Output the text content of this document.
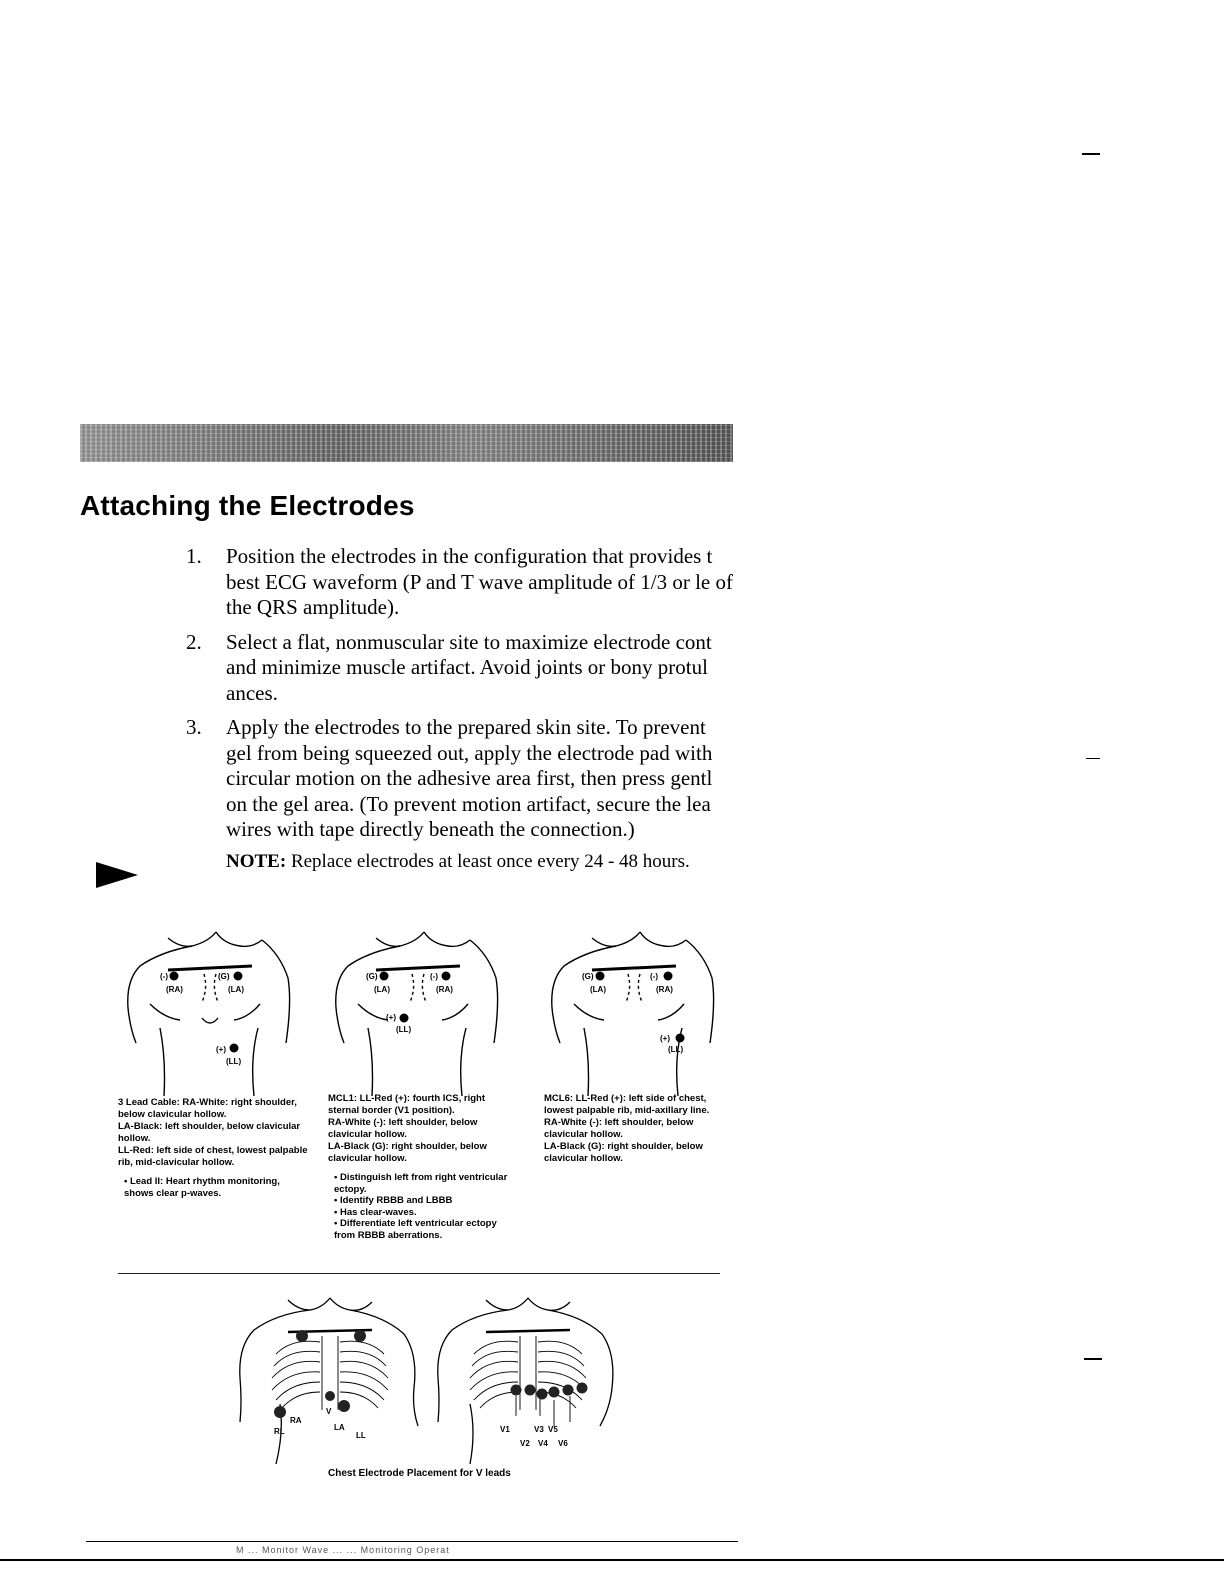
Attaching the Electrodes
1. Position the electrodes in the configuration that provides t best ECG waveform (P and T wave amplitude of 1/3 or le of the QRS amplitude).
2. Select a flat, nonmuscular site to maximize electrode cont and minimize muscle artifact. Avoid joints or bony protul ances.
3. Apply the electrodes to the prepared skin site. To prevent gel from being squeezed out, apply the electrode pad with circular motion on the adhesive area first, then press gentl on the gel area. (To prevent motion artifact, secure the lea wires with tape directly beneath the connection.)
NOTE: Replace electrodes at least once every 24 - 48 hours.
(-)
(RA)
(G)
(LA)
(+)
(LL)

3 Lead Cable: RA-White: right shoulder, below clavicular hollow.

LA-Black: left shoulder, below clavicular hollow.

LL-Red: left side of chest, lowest palpable rib, mid-clavicular hollow.

• Lead II: Heart rhythm monitoring, shows clear p-waves.
(G)
(LA)
(-)
(RA)
(+)
(LL)

MCL1: LL-Red (+): fourth ICS, right sternal border (V1 position).

RA-White (-): left shoulder, below clavicular hollow.

LA-Black (G): right shoulder, below clavicular hollow.

• Distinguish left from right ventricular ectopy.
• Identify RBBB and LBBB
• Has clear-waves.
• Differentiate left ventricular ectopy from RBBB aberrations.
(G)
(LA)
(-)
(RA)
(+)
(LL)

MCL6: LL-Red (+): left side of chest, lowest palpable rib, mid-axillary line.

RA-White (-): left shoulder, below clavicular hollow.

LA-Black (G): right shoulder, below clavicular hollow.

RL
RA
V
LA
LL
V1	V3 V5
V2 V4 V6
Chest Electrode Placement for V leads
M ... Monitor Wave ... ... Monitoring Operat
